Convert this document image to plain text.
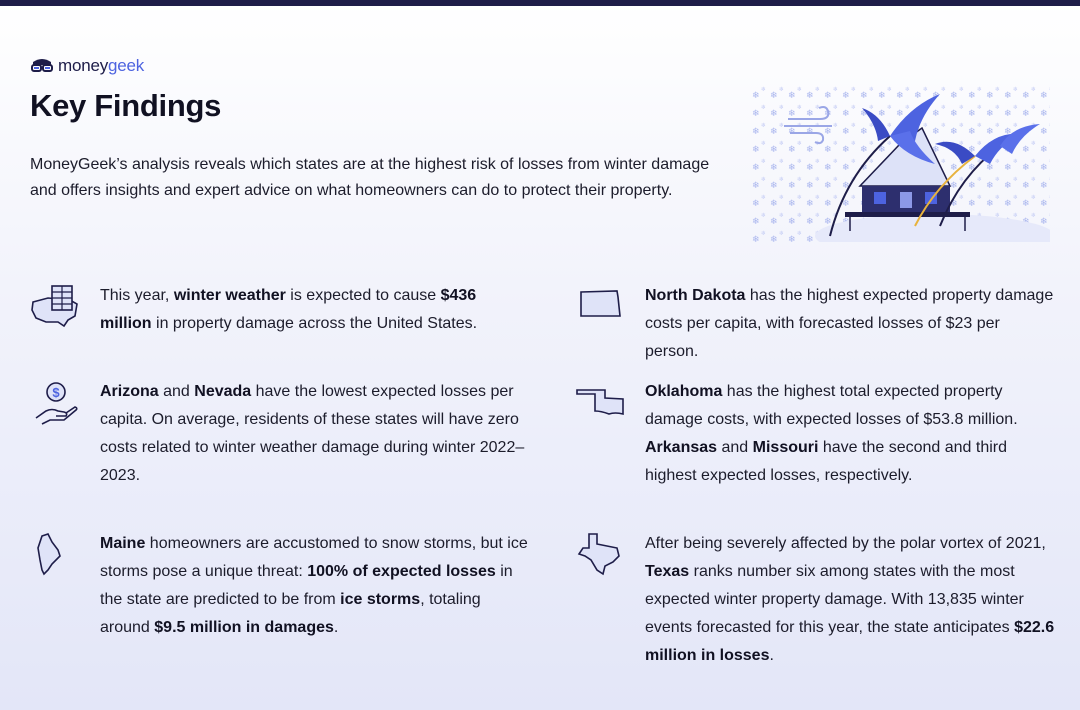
moneygeek
Key Findings

MoneyGeek’s analysis reveals which states are at the highest risk of losses from winter damage and offers insights and expert advice on what homeowners can do to protect their property.

This year, winter weather is expected to cause $436 million in property damage across the United States.

North Dakota has the highest expected property damage costs per capita, with forecasted losses of $23 per person.

$	Arizona and Nevada have the lowest expected losses per capita. On average, residents of these states will have zero costs related to winter weather damage during winter 2022–2023.

Oklahoma has the highest total expected property damage costs, with expected losses of $53.8 million. Arkansas and Missouri have the second and third highest expected losses, respectively.

Maine homeowners are accustomed to snow storms, but ice storms pose a unique threat: 100% of expected losses in the state are predicted to be from ice storms, totaling around $9.5 million in damages.

After being severely affected by the polar vortex of 2021, Texas ranks number six among states with the most expected winter property damage. With 13,835 winter events forecasted for this year, the state anticipates $22.6 million in losses.
